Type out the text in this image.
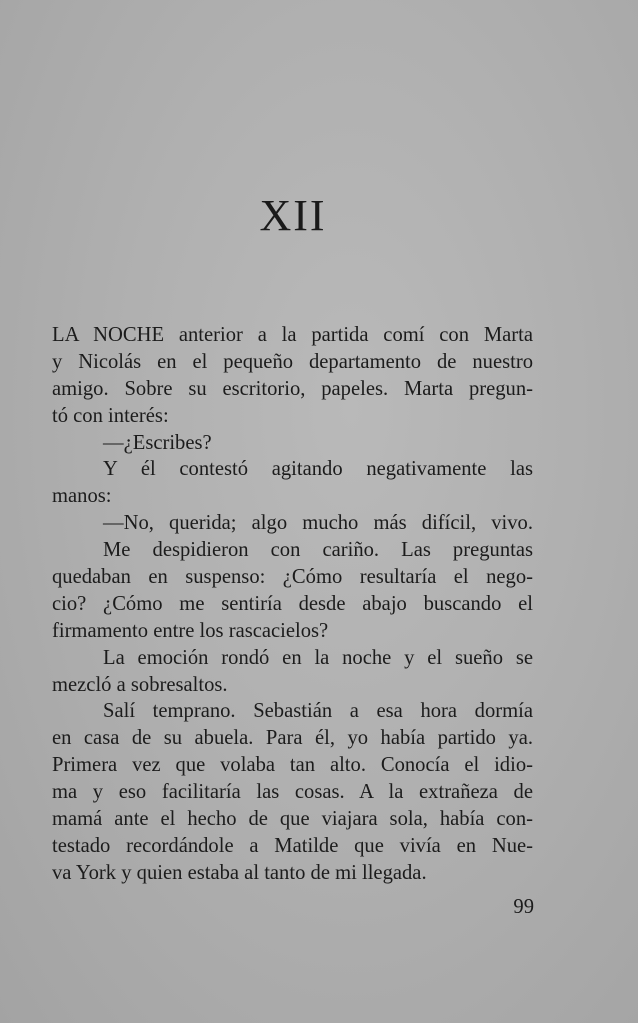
XII
LA NOCHE anterior a la partida comí con Marta
y Nicolás en el pequeño departamento de nuestro
amigo. Sobre su escritorio, papeles. Marta pregun-
tó con interés:
—¿Escribes?
Y él contestó agitando negativamente las
manos:
—No, querida; algo mucho más difícil, vivo.
Me despidieron con cariño. Las preguntas
quedaban en suspenso: ¿Cómo resultaría el nego-
cio? ¿Cómo me sentiría desde abajo buscando el
firmamento entre los rascacielos?
La emoción rondó en la noche y el sueño se
mezcló a sobresaltos.
Salí temprano. Sebastián a esa hora dormía
en casa de su abuela. Para él, yo había partido ya.
Primera vez que volaba tan alto. Conocía el idio-
ma y eso facilitaría las cosas. A la extrañeza de
mamá ante el hecho de que viajara sola, había con-
testado recordándole a Matilde que vivía en Nue-
va York y quien estaba al tanto de mi llegada.
99
